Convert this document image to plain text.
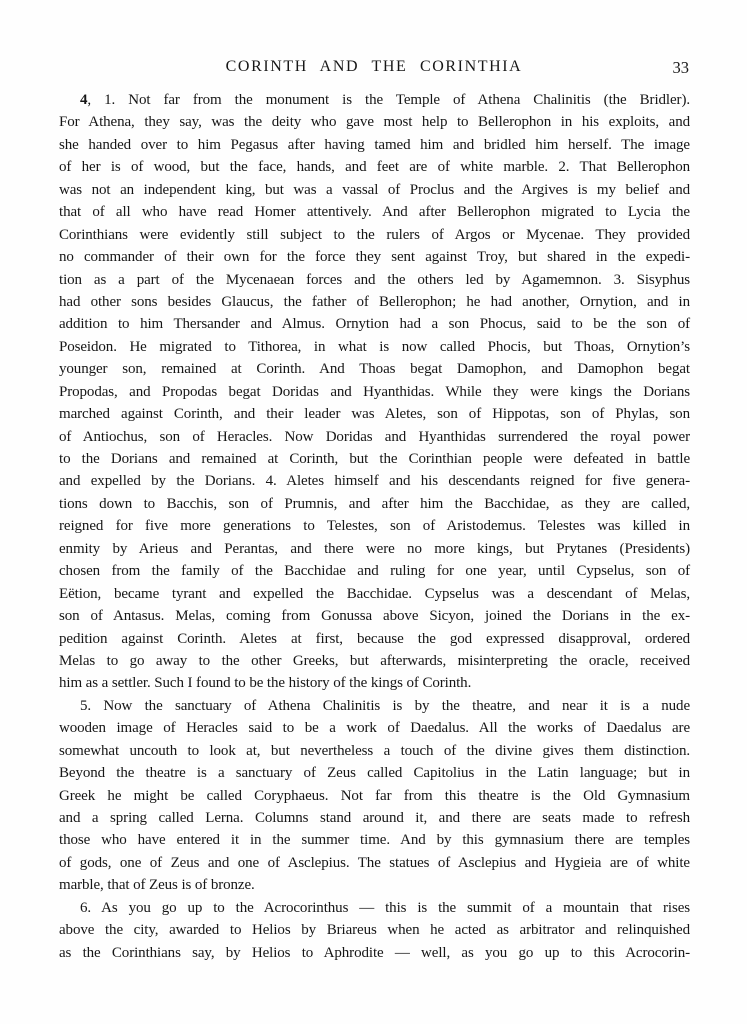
CORINTH AND THE CORINTHIA	33
4, 1. Not far from the monument is the Temple of Athena Chalinitis (the Bridler).
For Athena, they say, was the deity who gave most help to Bellerophon in his exploits, and
she handed over to him Pegasus after having tamed him and bridled him herself. The image
of her is of wood, but the face, hands, and feet are of white marble. 2. That Bellerophon
was not an independent king, but was a vassal of Proclus and the Argives is my belief and
that of all who have read Homer attentively. And after Bellerophon migrated to Lycia the
Corinthians were evidently still subject to the rulers of Argos or Mycenae. They provided
no commander of their own for the force they sent against Troy, but shared in the expedi-
tion as a part of the Mycenaean forces and the others led by Agamemnon. 3. Sisyphus
had other sons besides Glaucus, the father of Bellerophon; he had another, Ornytion, and in
addition to him Thersander and Almus. Ornytion had a son Phocus, said to be the son of
Poseidon. He migrated to Tithorea, in what is now called Phocis, but Thoas, Ornytion’s
younger son, remained at Corinth. And Thoas begat Damophon, and Damophon begat
Propodas, and Propodas begat Doridas and Hyanthidas. While they were kings the Dorians
marched against Corinth, and their leader was Aletes, son of Hippotas, son of Phylas, son
of Antiochus, son of Heracles. Now Doridas and Hyanthidas surrendered the royal power
to the Dorians and remained at Corinth, but the Corinthian people were defeated in battle
and expelled by the Dorians. 4. Aletes himself and his descendants reigned for five genera-
tions down to Bacchis, son of Prumnis, and after him the Bacchidae, as they are called,
reigned for five more generations to Telestes, son of Aristodemus. Telestes was killed in
enmity by Arieus and Perantas, and there were no more kings, but Prytanes (Presidents)
chosen from the family of the Bacchidae and ruling for one year, until Cypselus, son of
Eëtion, became tyrant and expelled the Bacchidae. Cypselus was a descendant of Melas,
son of Antasus. Melas, coming from Gonussa above Sicyon, joined the Dorians in the ex-
pedition against Corinth. Aletes at first, because the god expressed disapproval, ordered
Melas to go away to the other Greeks, but afterwards, misinterpreting the oracle, received
him as a settler. Such I found to be the history of the kings of Corinth.
5. Now the sanctuary of Athena Chalinitis is by the theatre, and near it is a nude
wooden image of Heracles said to be a work of Daedalus. All the works of Daedalus are
somewhat uncouth to look at, but nevertheless a touch of the divine gives them distinction.
Beyond the theatre is a sanctuary of Zeus called Capitolius in the Latin language; but in
Greek he might be called Coryphaeus. Not far from this theatre is the Old Gymnasium
and a spring called Lerna. Columns stand around it, and there are seats made to refresh
those who have entered it in the summer time. And by this gymnasium there are temples
of gods, one of Zeus and one of Asclepius. The statues of Asclepius and Hygieia are of white
marble, that of Zeus is of bronze.
6. As you go up to the Acrocorinthus — this is the summit of a mountain that rises
above the city, awarded to Helios by Briareus when he acted as arbitrator and relinquished
as the Corinthians say, by Helios to Aphrodite — well, as you go up to this Acrocorin-
